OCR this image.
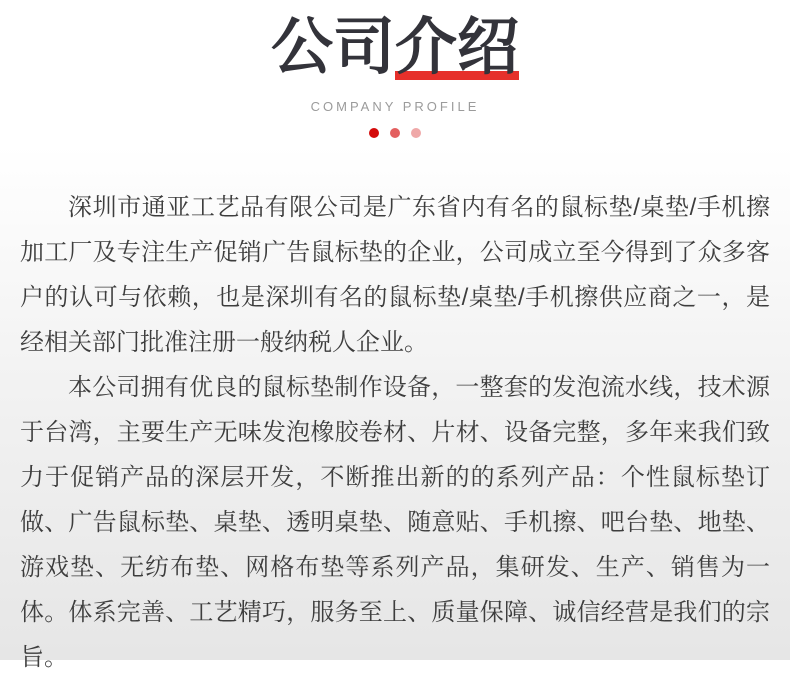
公司介绍
COMPANY PROFILE

深圳市通亚工艺品有限公司是广东省内有名的鼠标垫/桌垫/手机擦加工厂及专注生产促销广告鼠标垫的企业，公司成立至今得到了众多客户的认可与依赖，也是深圳有名的鼠标垫/桌垫/手机擦供应商之一，是经相关部门批准注册一般纳税人企业。

本公司拥有优良的鼠标垫制作设备，一整套的发泡流水线，技术源于台湾，主要生产无味发泡橡胶卷材、片材、设备完整，多年来我们致力于促销产品的深层开发，不断推出新的的系列产品：个性鼠标垫订做、广告鼠标垫、桌垫、透明桌垫、随意贴、手机擦、吧台垫、地垫、游戏垫、无纺布垫、网格布垫等系列产品，集研发、生产、销售为一体。体系完善、工艺精巧，服务至上、质量保障、诚信经营是我们的宗旨。
